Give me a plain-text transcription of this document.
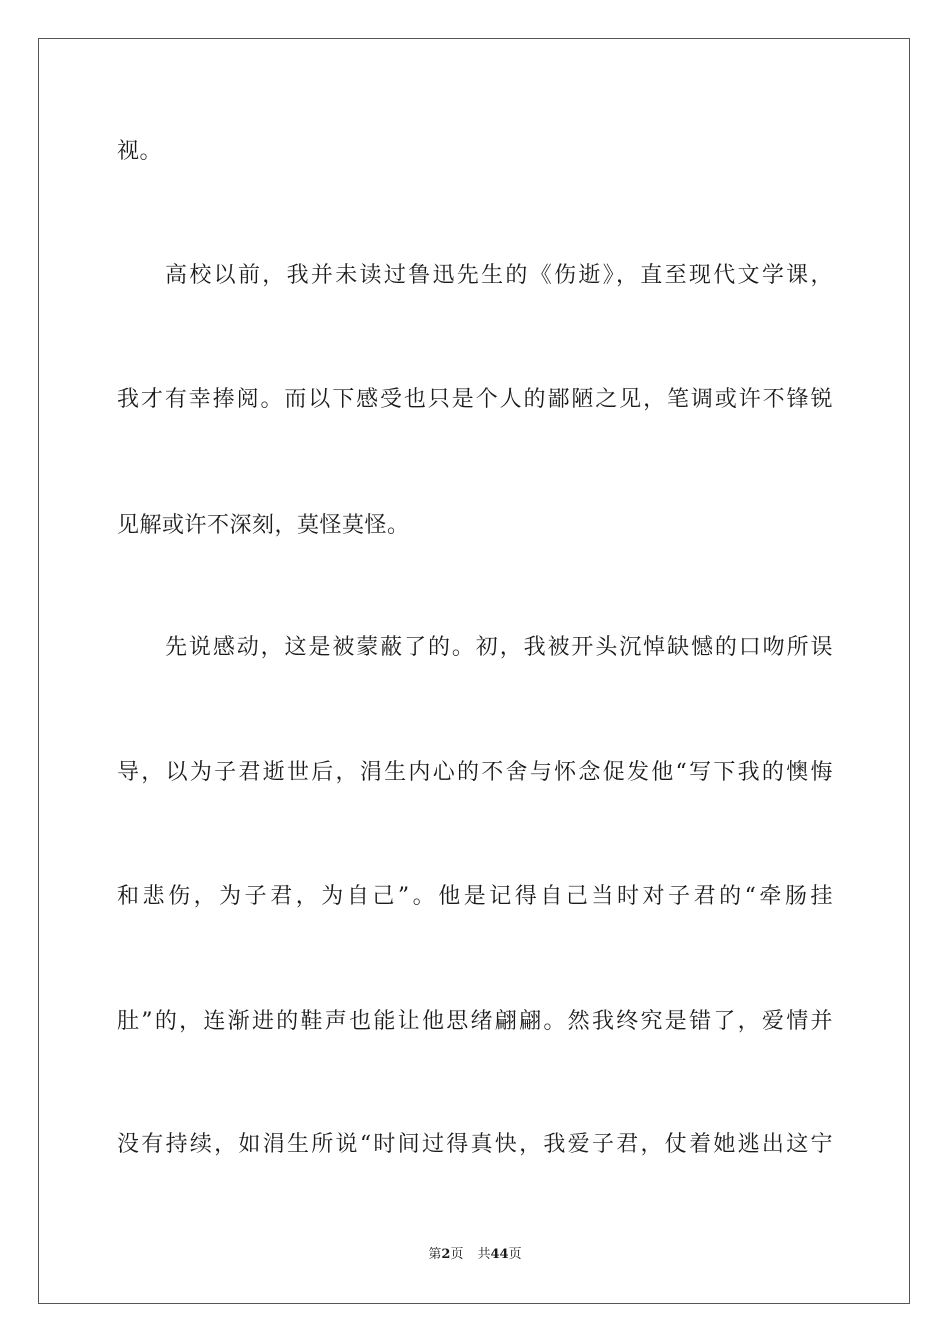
视。
高校以前，我并未读过鲁迅先生的《伤逝》，直至现代文学课，
我才有幸捧阅。而以下感受也只是个人的鄙陋之见，笔调或许不锋锐
见解或许不深刻，莫怪莫怪。
先说感动，这是被蒙蔽了的。初，我被开头沉悼缺憾的口吻所误
导，以为子君逝世后，涓生内心的不舍与怀念促发他“写下我的懊悔
和悲伤，为子君，为自己”。他是记得自己当时对子君的“牵肠挂
肚”的，连渐进的鞋声也能让他思绪翩翩。然我终究是错了，爱情并
没有持续，如涓生所说“时间过得真快，我爱子君，仗着她逃出这宁
第2页 共44页
